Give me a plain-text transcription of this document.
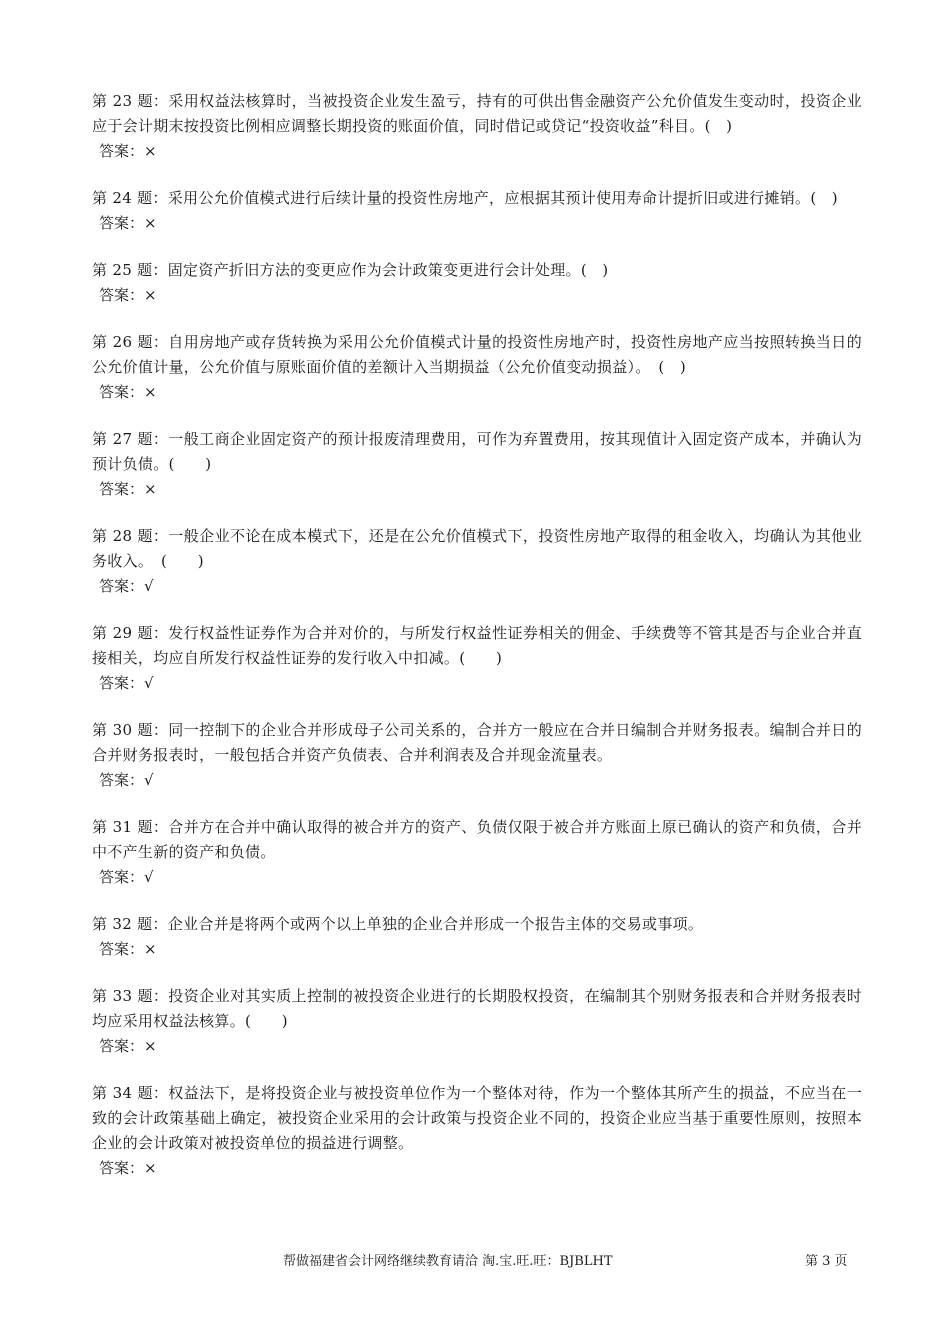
第 23 题：采用权益法核算时，当被投资企业发生盈亏，持有的可供出售金融资产公允价值发生变动时，投资企业应于会计期末按投资比例相应调整长期投资的账面价值，同时借记或贷记“投资收益”科目。(　)

答案：×

第 24 题：采用公允价值模式进行后续计量的投资性房地产，应根据其预计使用寿命计提折旧或进行摊销。(　)

答案：×

第 25 题：固定资产折旧方法的变更应作为会计政策变更进行会计处理。(　)

答案：×

第 26 题：自用房地产或存货转换为采用公允价值模式计量的投资性房地产时，投资性房地产应当按照转换当日的公允价值计量，公允价值与原账面价值的差额计入当期损益（公允价值变动损益）。　(　)

答案：×

第 27 题：一般工商企业固定资产的预计报废清理费用，可作为弃置费用，按其现值计入固定资产成本，并确认为预计负债。(　　)

答案：×

第 28 题：一般企业不论在成本模式下，还是在公允价值模式下，投资性房地产取得的租金收入，均确认为其他业务收入。　(　　)

答案：√

第 29 题：发行权益性证券作为合并对价的，与所发行权益性证券相关的佣金、手续费等不管其是否与企业合并直接相关，均应自所发行权益性证券的发行收入中扣减。(　　)

答案：√

第 30 题：同一控制下的企业合并形成母子公司关系的，合并方一般应在合并日编制合并财务报表。编制合并日的合并财务报表时，一般包括合并资产负债表、合并利润表及合并现金流量表。

答案：√

第 31 题：合并方在合并中确认取得的被合并方的资产、负债仅限于被合并方账面上原已确认的资产和负债，合并中不产生新的资产和负债。

答案：√

第 32 题：企业合并是将两个或两个以上单独的企业合并形成一个报告主体的交易或事项。

答案：×

第 33 题：投资企业对其实质上控制的被投资企业进行的长期股权投资，在编制其个别财务报表和合并财务报表时均应采用权益法核算。(　　)

答案：×

第 34 题：权益法下，是将投资企业与被投资单位作为一个整体对待，作为一个整体其所产生的损益，不应当在一致的会计政策基础上确定，被投资企业采用的会计政策与投资企业不同的，投资企业应当基于重要性原则，按照本企业的会计政策对被投资单位的损益进行调整。

答案：×

帮做福建省会计网络继续教育请洽 淘.宝.旺.旺：BJBLHT	第 3 页
